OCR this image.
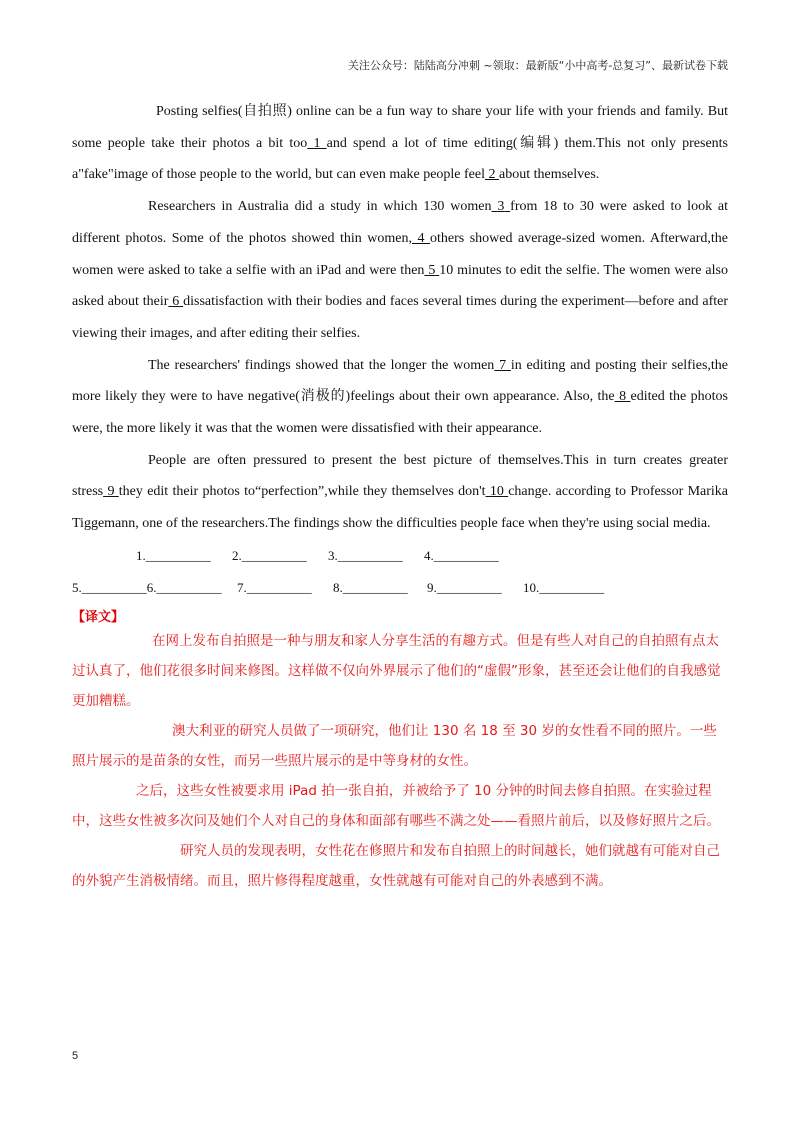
关注公众号：陆陆高分冲刺 ~领取：最新版“小中高考-总复习”、最新试卷下载

Posting selfies(自拍照) online can be a fun way to share your life with your friends and family. But some people take their photos a bit too 1 and spend a lot of time editing(编辑) them.This not only presents a"fake"image of those people to the world, but can even make people feel 2 about themselves.

Researchers in Australia did a study in which 130 women 3 from 18 to 30 were asked to look at different photos. Some of the photos showed thin women, 4 others showed average-sized women. Afterward,the women were asked to take a selfie with an iPad and were then 5 10 minutes to edit the selfie. The women were also asked about their 6 dissatisfaction with their bodies and faces several times during the experiment—before and after viewing their images, and after editing their selfies.

The researchers' findings showed that the longer the women 7 in editing and posting their selfies,the more likely they were to have negative(消极的)feelings about their own appearance. Also, the 8 edited the photos were, the more likely it was that the women were dissatisfied with their appearance.

People are often pressured to present the best picture of themselves.This in turn creates greater stress 9 they edit their photos to“perfection”,while they themselves don't 10 change. according to Professor Marika Tiggemann, one of the researchers.The findings show the difficulties people face when they're using social media.

1.__________ 2.__________ 3.__________ 4.__________
5.__________6.__________ 7.__________ 8.__________ 9.__________ 10.__________
【译文】

在网上发布自拍照是一种与朋友和家人分享生活的有趣方式。但是有些人对自己的自拍照有点太过认真了，他们花很多时间来修图。这样做不仅向外界展示了他们的“虚假”形象，甚至还会让他们的自我感觉更加糟糕。

澳大利亚的研究人员做了一项研究，他们让 130 名 18 至 30 岁的女性看不同的照片。一些照片展示的是苗条的女性，而另一些照片展示的是中等身材的女性。

之后，这些女性被要求用 iPad 拍一张自拍，并被给予了 10 分钟的时间去修自拍照。在实验过程中，这些女性被多次问及她们个人对自己的身体和面部有哪些不满之处——看照片前后，以及修好照片之后。

研究人员的发现表明，女性花在修照片和发布自拍照上的时间越长，她们就越有可能对自己的外貌产生消极情绪。而且，照片修得程度越重，女性就越有可能对自己的外表感到不满。

5
